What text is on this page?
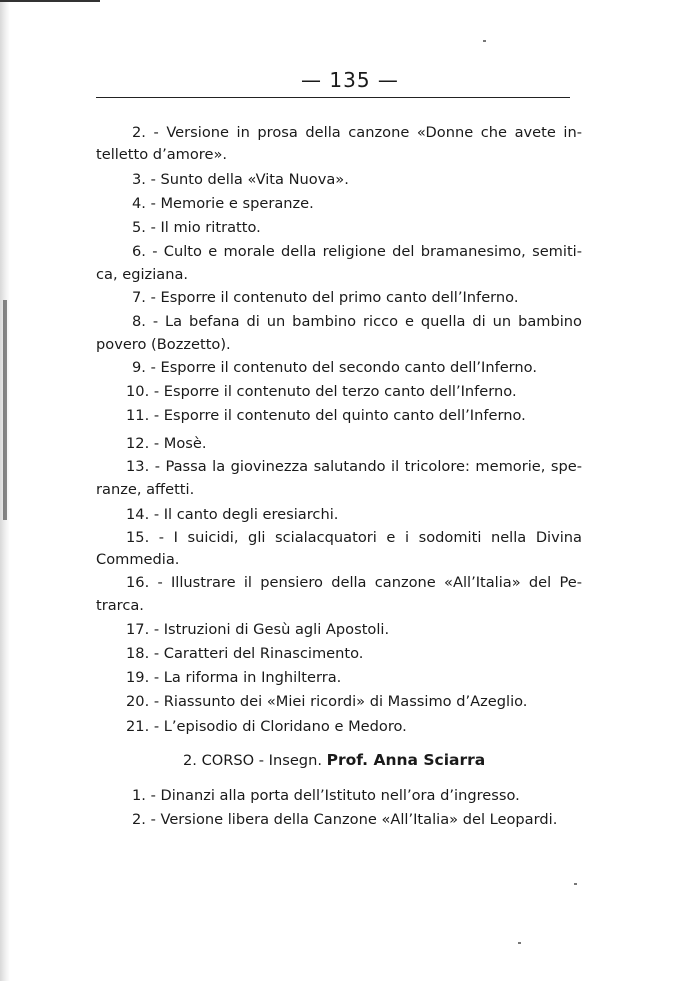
— 135 —
2. - Versione in prosa della canzone «Donne che avete in-
telletto d’amore».
3. - Sunto della «Vita Nuova».
4. - Memorie e speranze.
5. - Il mio ritratto.
6. - Culto e morale della religione del bramanesimo, semiti-
ca, egiziana.
7. - Esporre il contenuto del primo canto dell’Inferno.
8. - La befana di un bambino ricco e quella di un bambino
povero (Bozzetto).
9. - Esporre il contenuto del secondo canto dell’Inferno.
10. - Esporre il contenuto del terzo canto dell’Inferno.
11. - Esporre il contenuto del quinto canto dell’Inferno.
12. - Mosè.
13. - Passa la giovinezza salutando il tricolore: memorie, spe-
ranze, affetti.
14. - Il canto degli eresiarchi.
15. - I suicidi, gli scialacquatori e i sodomiti nella Divina
Commedia.
16. - Illustrare il pensiero della canzone «All’Italia» del Pe-
trarca.
17. - Istruzioni di Gesù agli Apostoli.
18. - Caratteri del Rinascimento.
19. - La riforma in Inghilterra.
20. - Riassunto dei «Miei ricordi» di Massimo d’Azeglio.
21. - L’episodio di Cloridano e Medoro.
2. CORSO - Insegn. Prof. Anna Sciarra
1. - Dinanzi alla porta dell’Istituto nell’ora d’ingresso.
2. - Versione libera della Canzone «All’Italia» del Leopardi.
